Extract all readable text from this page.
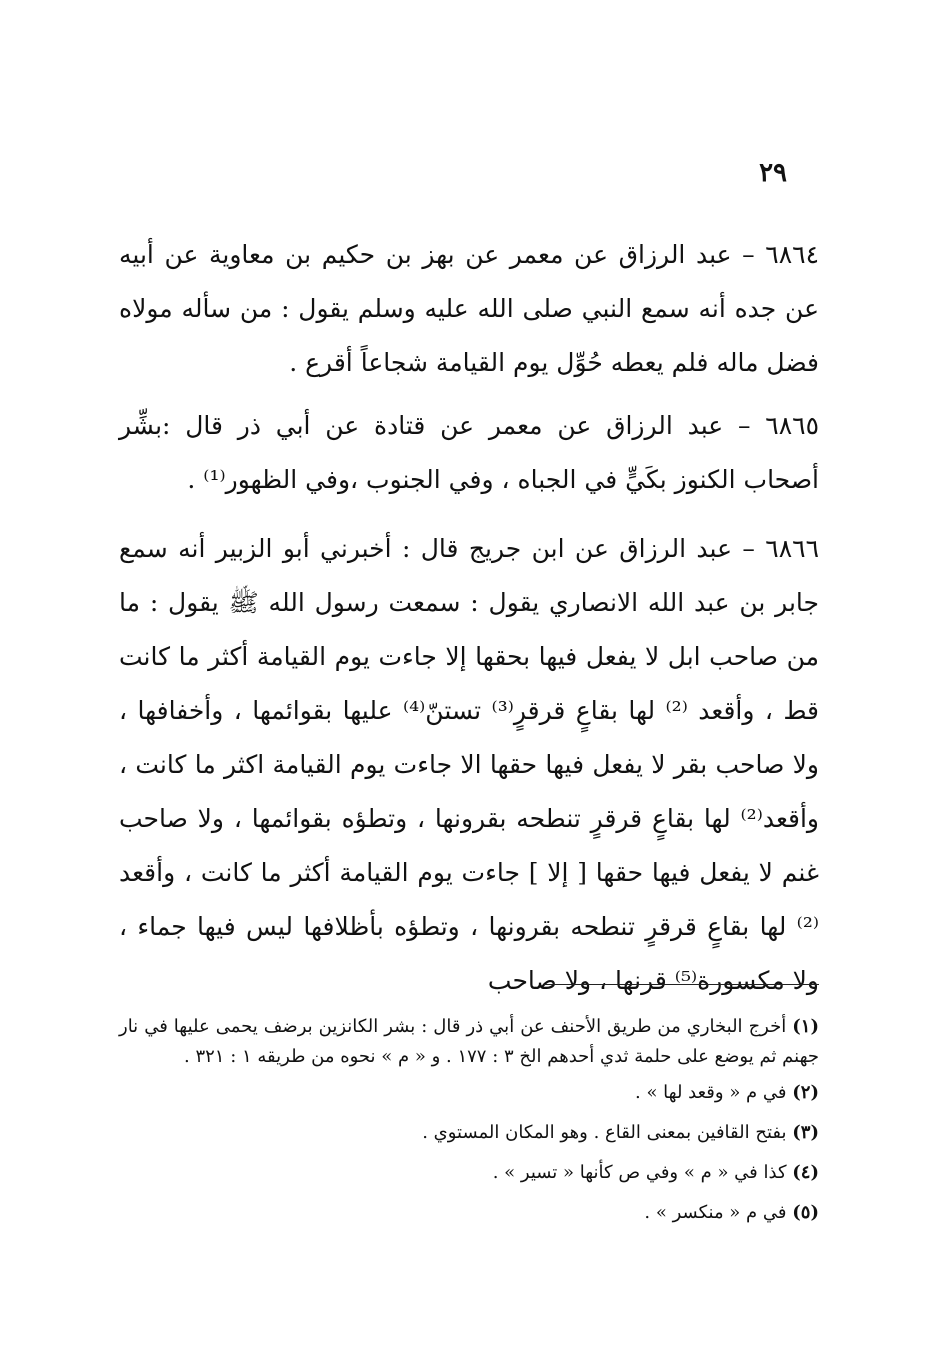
٢٩

٦٨٦٤ – عبد الرزاق عن معمر عن بهز بن حكيم بن معاوية عن أبيه عن جده أنه سمع النبي صلى الله عليه وسلم يقول : من سأله مولاه فضل ماله فلم يعطه حُوِّل يوم القيامة شجاعاً أقرع .

٦٨٦٥ – عبد الرزاق عن معمر عن قتادة عن أبي ذر قال :بشِّر أصحاب الكنوز بكَيٍّ في الجباه ، وفي الجنوب ،وفي الظهور⁽¹⁾ .

٦٨٦٦ – عبد الرزاق عن ابن جريج قال : أخبرني أبو الزبير أنه سمع جابر بن عبد الله الانصاري يقول : سمعت رسول الله ﷺ يقول : ما من صاحب ابل لا يفعل فيها بحقها إلا جاءت يوم القيامة أكثر ما كانت قط ، وأقعد ⁽²⁾ لها بقاعٍ قرقرٍ⁽³⁾ تستنّ⁽⁴⁾ عليها بقوائمها ، وأخفافها ، ولا صاحب بقر لا يفعل فيها حقها الا جاءت يوم القيامة اكثر ما كانت ، وأقعد⁽²⁾ لها بقاعٍ قرقرٍ تنطحه بقرونها ، وتطؤه بقوائمها ، ولا صاحب غنم لا يفعل فيها حقها [ إلا ] جاءت يوم القيامة أكثر ما كانت ، وأقعد ⁽²⁾ لها بقاعٍ قرقرٍ تنطحه بقرونها ، وتطؤه بأظلافها ليس فيها جماء ، ولا مكسورة⁽⁵⁾ قرنها ، ولا صاحب

(١) أخرج البخاري من طريق الأحنف عن أبي ذر قال : بشر الكانزين برضف يحمى عليها في نار جهنم ثم يوضع على حلمة ثدي أحدهم الخ ٣ : ١٧٧ . و « م » نحوه من طريقه ١ : ٣٢١ .

(٢) في م « وقعد لها » .

(٣) بفتح القافين بمعنى القاع . وهو المكان المستوي .

(٤) كذا في « م » وفي ص كأنها « تسير » .

(٥) في م « منكسر » .
